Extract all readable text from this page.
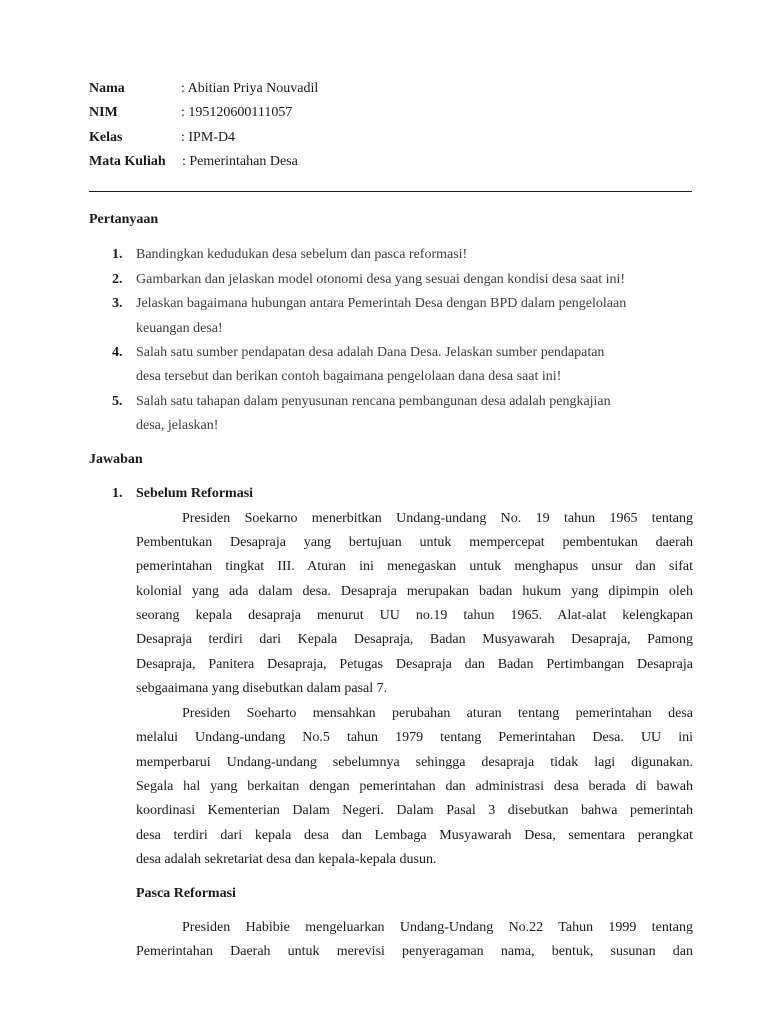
Nama	: Abitian Priya Nouvadil
NIM	: 195120600111057
Kelas	: IPM-D4
Mata Kuliah : Pemerintahan Desa
Pertanyaan
1. Bandingkan kedudukan desa sebelum dan pasca reformasi!
2. Gambarkan dan jelaskan model otonomi desa yang sesuai dengan kondisi desa saat ini!
3. Jelaskan bagaimana hubungan antara Pemerintah Desa dengan BPD dalam pengelolaan
keuangan desa!
4. Salah satu sumber pendapatan desa adalah Dana Desa. Jelaskan sumber pendapatan
desa tersebut dan berikan contoh bagaimana pengelolaan dana desa saat ini!
5. Salah satu tahapan dalam penyusunan rencana pembangunan desa adalah pengkajian
desa, jelaskan!
Jawaban
1. Sebelum Reformasi
Presiden Soekarno menerbitkan Undang-undang No. 19 tahun 1965 tentang
Pembentukan Desapraja yang bertujuan untuk mempercepat pembentukan daerah
pemerintahan tingkat III. Aturan ini menegaskan untuk menghapus unsur dan sifat
kolonial yang ada dalam desa. Desapraja merupakan badan hukum yang dipimpin oleh
seorang kepala desapraja menurut UU no.19 tahun 1965. Alat-alat kelengkapan
Desapraja terdiri dari Kepala Desapraja, Badan Musyawarah Desapraja, Pamong
Desapraja, Panitera Desapraja, Petugas Desapraja dan Badan Pertimbangan Desapraja
sebgaaimana yang disebutkan dalam pasal 7.
Presiden Soeharto mensahkan perubahan aturan tentang pemerintahan desa
melalui Undang-undang No.5 tahun 1979 tentang Pemerintahan Desa. UU ini
memperbarui Undang-undang sebelumnya sehingga desapraja tidak lagi digunakan.
Segala hal yang berkaitan dengan pemerintahan dan administrasi desa berada di bawah
koordinasi Kementerian Dalam Negeri. Dalam Pasal 3 disebutkan bahwa pemerintah
desa terdiri dari kepala desa dan Lembaga Musyawarah Desa, sementara perangkat
desa adalah sekretariat desa dan kepala-kepala dusun.
Pasca Reformasi
Presiden Habibie mengeluarkan Undang-Undang No.22 Tahun 1999 tentang
Pemerintahan Daerah untuk merevisi penyeragaman nama, bentuk, susunan dan
